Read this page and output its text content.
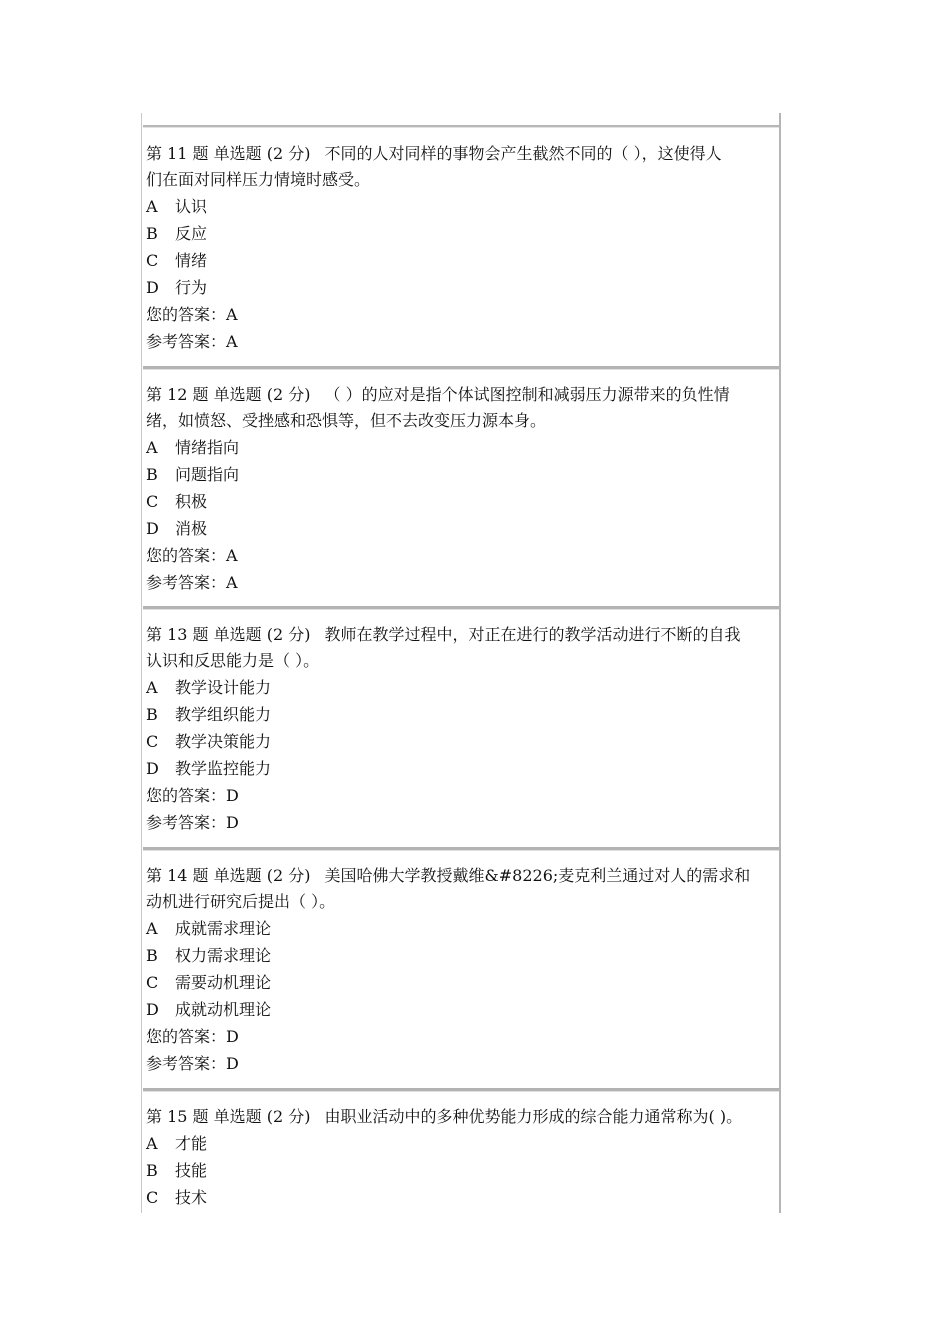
第 11 题 单选题 (2 分) 不同的人对同样的事物会产生截然不同的（ ），这使得人
们在面对同样压力情境时感受。
A 认识
B 反应
C 情绪
D 行为
您的答案：A
参考答案：A
第 12 题 单选题 (2 分) （ ）的应对是指个体试图控制和减弱压力源带来的负性情
绪，如愤怒、受挫感和恐惧等，但不去改变压力源本身。
A 情绪指向
B 问题指向
C 积极
D 消极
您的答案：A
参考答案：A
第 13 题 单选题 (2 分) 教师在教学过程中，对正在进行的教学活动进行不断的自我
认识和反思能力是（ ）。
A 教学设计能力
B 教学组织能力
C 教学决策能力
D 教学监控能力
您的答案：D
参考答案：D
第 14 题 单选题 (2 分) 美国哈佛大学教授戴维&#8226;麦克利兰通过对人的需求和
动机进行研究后提出（ ）。
A 成就需求理论
B 权力需求理论
C 需要动机理论
D 成就动机理论
您的答案：D
参考答案：D
第 15 题 单选题 (2 分) 由职业活动中的多种优势能力形成的综合能力通常称为( )。
A 才能
B 技能
C 技术
